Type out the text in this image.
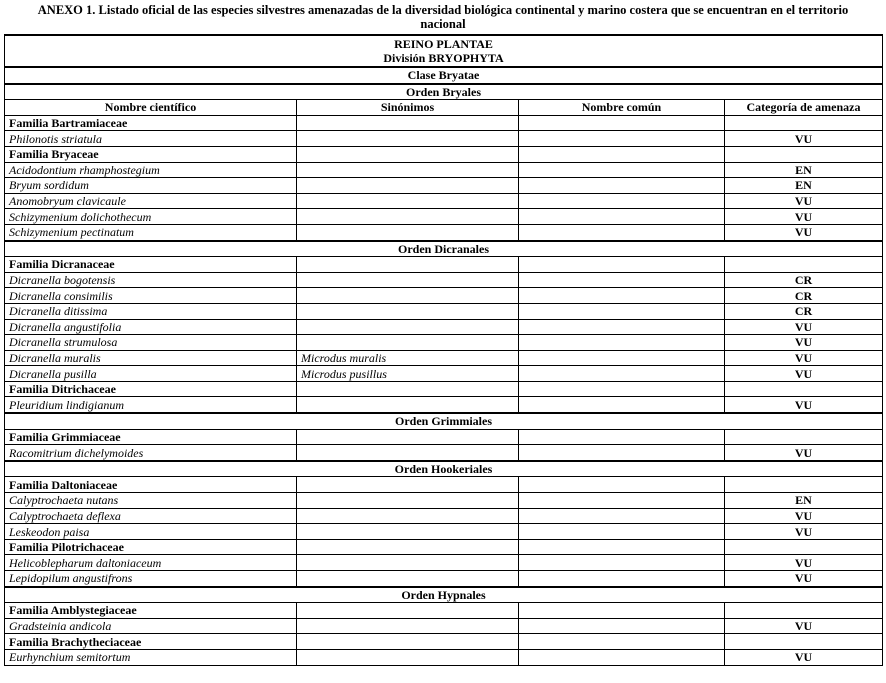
ANEXO 1. Listado oficial de las especies silvestres amenazadas de la diversidad biológica continental y marino costera que se encuentran en el territorio
nacional
REINO PLANTAE
División BRYOPHYTA			

Clase Bryatae			
Orden Bryales			
Nombre científico	Sinónimos	Nombre común	Categoría de amenaza
Familia Bartramiaceae			
Philonotis striatula			VU
Familia Bryaceae			
Acidodontium rhamphostegium			EN
Bryum sordidum			EN
Anomobryum clavicaule			VU
Schizymenium dolichothecum			VU
Schizymenium pectinatum			VU
Orden Dicranales			
Familia Dicranaceae			
Dicranella bogotensis			CR
Dicranella consimilis			CR
Dicranella ditissima			CR
Dicranella angustifolia			VU
Dicranella strumulosa			VU
Dicranella muralis	Microdus muralis		VU
Dicranella pusilla	Microdus pusillus		VU
Familia Ditrichaceae			
Pleuridium lindigianum			VU
Orden Grimmiales			
Familia Grimmiaceae			
Racomitrium dichelymoides			VU
Orden Hookeriales			
Familia Daltoniaceae			
Calyptrochaeta nutans			EN
Calyptrochaeta deflexa			VU
Leskeodon paisa			VU
Familia Pilotrichaceae			
Helicoblepharum daltoniaceum			VU
Lepidopilum angustifrons			VU
Orden Hypnales			
Familia Amblystegiaceae			
Gradsteinia andicola			VU
Familia Brachytheciaceae			
Eurhynchium semitortum			VU
